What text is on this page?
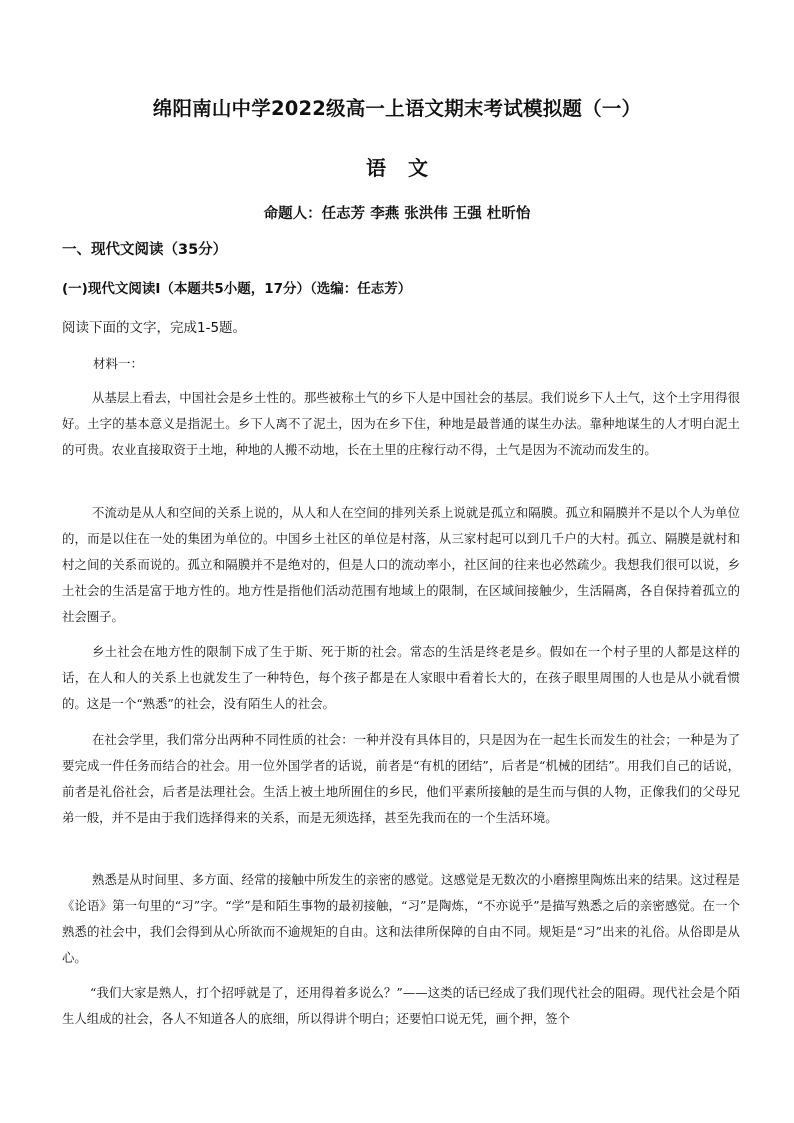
绵阳南山中学2022级高一上语文期末考试模拟题（一）
语文
命题人：任志芳 李燕 张洪伟 王强 杜昕怡
一、现代文阅读（35分）
(一)现代文阅读Ⅰ（本题共5小题，17分）（选编：任志芳）
阅读下面的文字，完成1-5题。
材料一：

从基层上看去，中国社会是乡土性的。那些被称土气的乡下人是中国社会的基层。我们说乡下人土气，这个土字用得很好。土字的基本意义是指泥土。乡下人离不了泥土，因为在乡下住，种地是最普通的谋生办法。靠种地谋生的人才明白泥土的可贵。农业直接取资于土地，种地的人搬不动地，长在土里的庄稼行动不得，土气是因为不流动而发生的。

不流动是从人和空间的关系上说的，从人和人在空间的排列关系上说就是孤立和隔膜。孤立和隔膜并不是以个人为单位的，而是以住在一处的集团为单位的。中国乡土社区的单位是村落，从三家村起可以到几千户的大村。孤立、隔膜是就村和村之间的关系而说的。孤立和隔膜并不是绝对的，但是人口的流动率小，社区间的往来也必然疏少。我想我们很可以说，乡土社会的生活是富于地方性的。地方性是指他们活动范围有地域上的限制，在区域间接触少，生活隔离，各自保持着孤立的社会圈子。

乡土社会在地方性的限制下成了生于斯、死于斯的社会。常态的生活是终老是乡。假如在一个村子里的人都是这样的话，在人和人的关系上也就发生了一种特色，每个孩子都是在人家眼中看着长大的，在孩子眼里周围的人也是从小就看惯的。这是一个“熟悉”的社会，没有陌生人的社会。

在社会学里，我们常分出两种不同性质的社会：一种并没有具体目的，只是因为在一起生长而发生的社会；一种是为了要完成一件任务而结合的社会。用一位外国学者的话说，前者是“有机的团结”，后者是“机械的团结”。用我们自己的话说，前者是礼俗社会，后者是法理社会。生活上被土地所囿住的乡民，他们平素所接触的是生而与俱的人物，正像我们的父母兄弟一般，并不是由于我们选择得来的关系，而是无须选择，甚至先我而在的一个生活环境。

熟悉是从时间里、多方面、经常的接触中所发生的亲密的感觉。这感觉是无数次的小磨擦里陶炼出来的结果。这过程是《论语》第一句里的“习”字。“学”是和陌生事物的最初接触，“习”是陶炼，“不亦说乎”是描写熟悉之后的亲密感觉。在一个熟悉的社会中，我们会得到从心所欲而不逾规矩的自由。这和法律所保障的自由不同。规矩是“习”出来的礼俗。从俗即是从心。

“我们大家是熟人，打个招呼就是了，还用得着多说么？”——这类的话已经成了我们现代社会的阻碍。现代社会是个陌生人组成的社会，各人不知道各人的底细，所以得讲个明白；还要怕口说无凭，画个押，签个
